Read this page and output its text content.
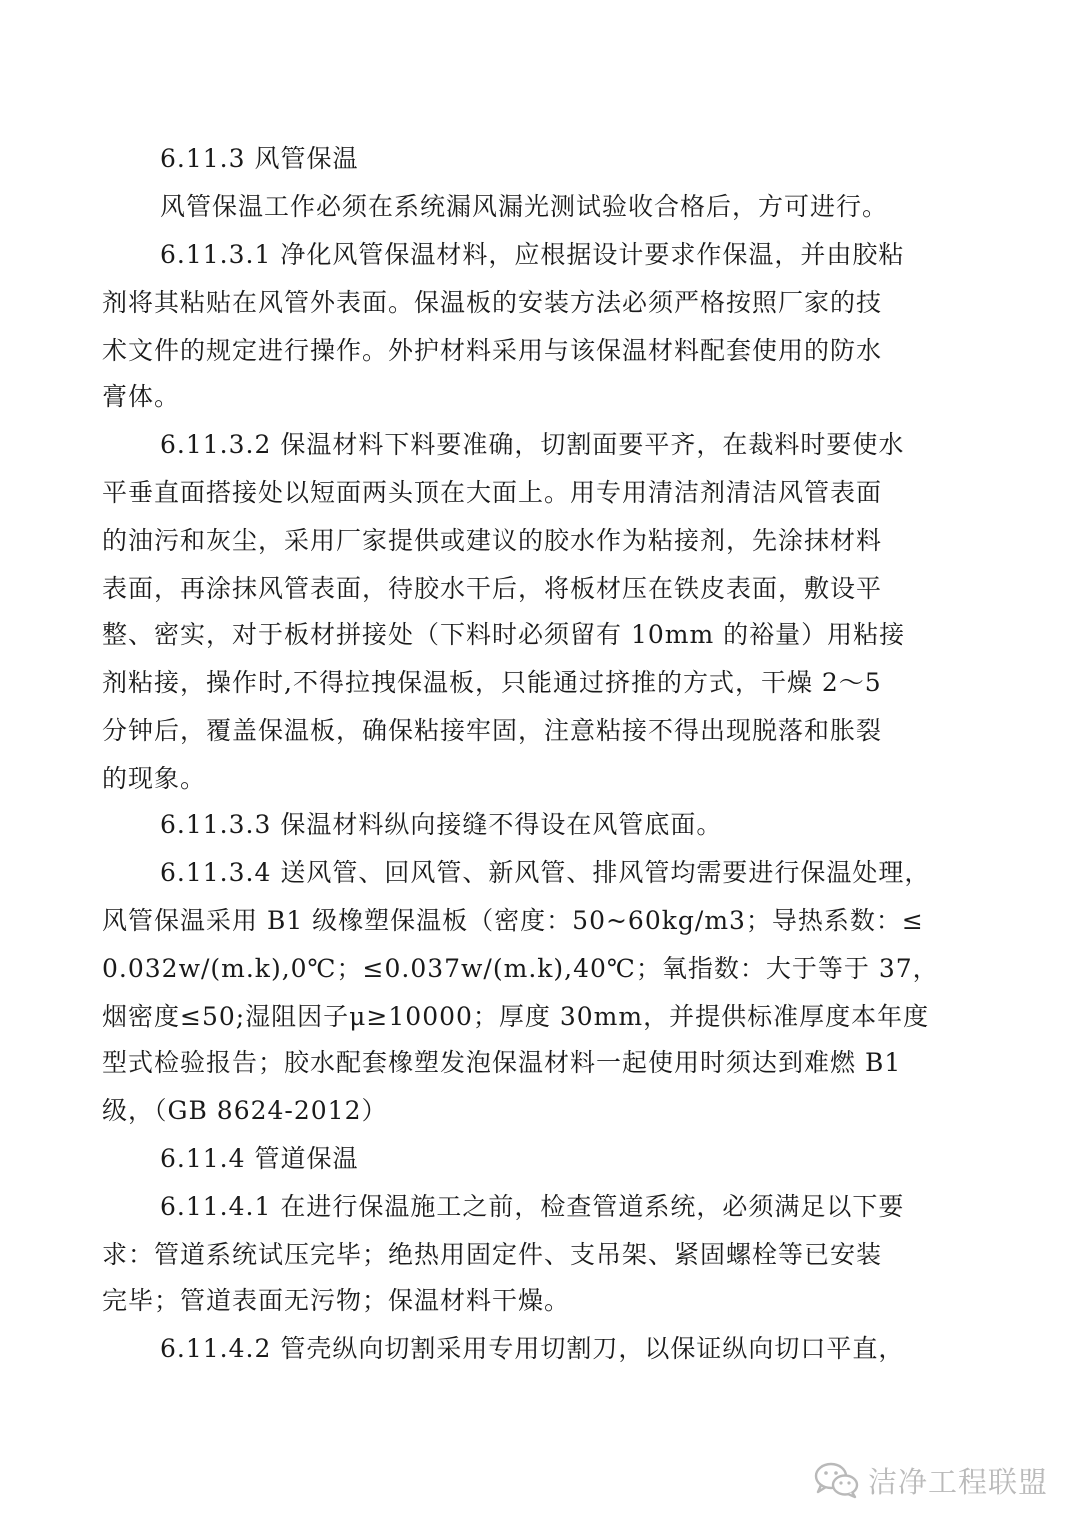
6.11.3 风管保温
风管保温工作必须在系统漏风漏光测试验收合格后，方可进行。
6.11.3.1 净化风管保温材料，应根据设计要求作保温，并由胶粘
剂将其粘贴在风管外表面。保温板的安装方法必须严格按照厂家的技
术文件的规定进行操作。外护材料采用与该保温材料配套使用的防水
膏体。
6.11.3.2 保温材料下料要准确，切割面要平齐，在裁料时要使水
平垂直面搭接处以短面两头顶在大面上。用专用清洁剂清洁风管表面
的油污和灰尘，采用厂家提供或建议的胶水作为粘接剂，先涂抹材料
表面，再涂抹风管表面，待胶水干后，将板材压在铁皮表面，敷设平
整、密实，对于板材拼接处（下料时必须留有 10mm 的裕量）用粘接
剂粘接，操作时,不得拉拽保温板，只能通过挤推的方式，干燥 2～5
分钟后，覆盖保温板，确保粘接牢固，注意粘接不得出现脱落和胀裂
的现象。
6.11.3.3 保温材料纵向接缝不得设在风管底面。
6.11.3.4 送风管、回风管、新风管、排风管均需要进行保温处理，
风管保温采用 B1 级橡塑保温板（密度：50~60kg/m3；导热系数：≤
0.032w/(m.k),0℃；≤0.037w/(m.k),40℃；氧指数：大于等于 37，
烟密度≤50;湿阻因子μ≥10000；厚度 30mm，并提供标准厚度本年度
型式检验报告；胶水配套橡塑发泡保温材料一起使用时须达到难燃 B1
级，（GB 8624-2012）
6.11.4 管道保温
6.11.4.1 在进行保温施工之前，检查管道系统，必须满足以下要
求：管道系统试压完毕；绝热用固定件、支吊架、紧固螺栓等已安装
完毕；管道表面无污物；保温材料干燥。
6.11.4.2 管壳纵向切割采用专用切割刀，以保证纵向切口平直，
洁净工程联盟
